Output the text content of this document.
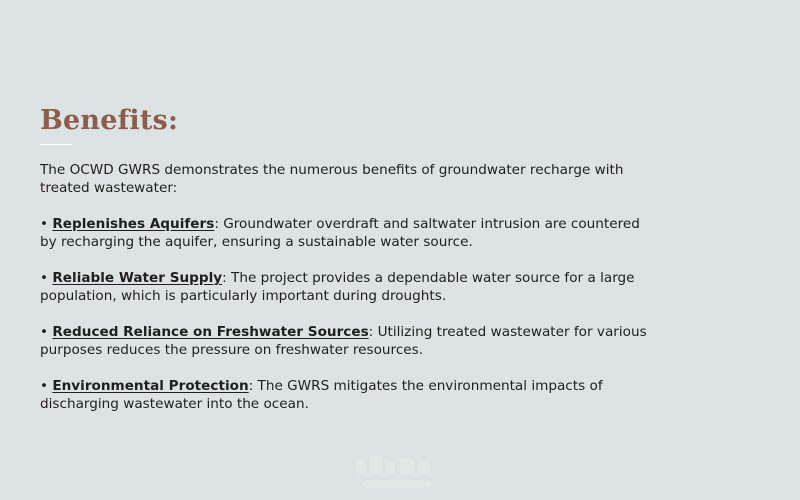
Benefits:

The OCWD GWRS demonstrates the numerous benefits of groundwater recharge with treated wastewater:

• Replenishes Aquifers: Groundwater overdraft and saltwater intrusion are countered by recharging the aquifer, ensuring a sustainable water source.

• Reliable Water Supply: The project provides a dependable water source for a large population, which is particularly important during droughts.

• Reduced Reliance on Freshwater Sources: Utilizing treated wastewater for various purposes reduces the pressure on freshwater resources.

• Environmental Protection: The GWRS mitigates the environmental impacts of discharging wastewater into the ocean.
